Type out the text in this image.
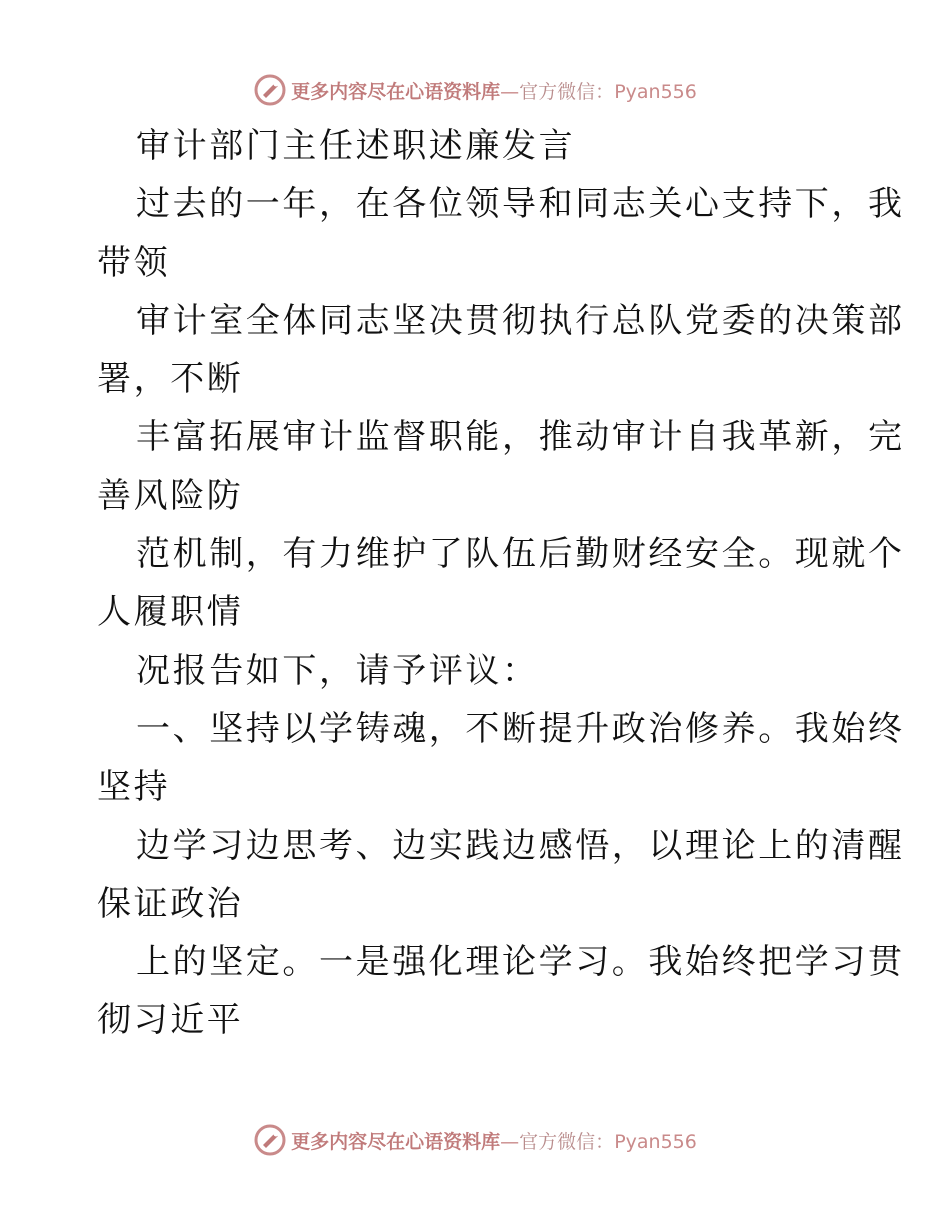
更多内容尽在心语资料库—官方微信：Pyan556
审计部门主任述职述廉发言
过去的一年，在各位领导和同志关心支持下，我
带领
审计室全体同志坚决贯彻执行总队党委的决策部
署，不断
丰富拓展审计监督职能，推动审计自我革新，完
善风险防
范机制，有力维护了队伍后勤财经安全。现就个
人履职情
况报告如下，请予评议：
一、坚持以学铸魂，不断提升政治修养。我始终
坚持
边学习边思考、边实践边感悟，以理论上的清醒
保证政治
上的坚定。一是强化理论学习。我始终把学习贯
彻习近平
更多内容尽在心语资料库—官方微信：Pyan556
